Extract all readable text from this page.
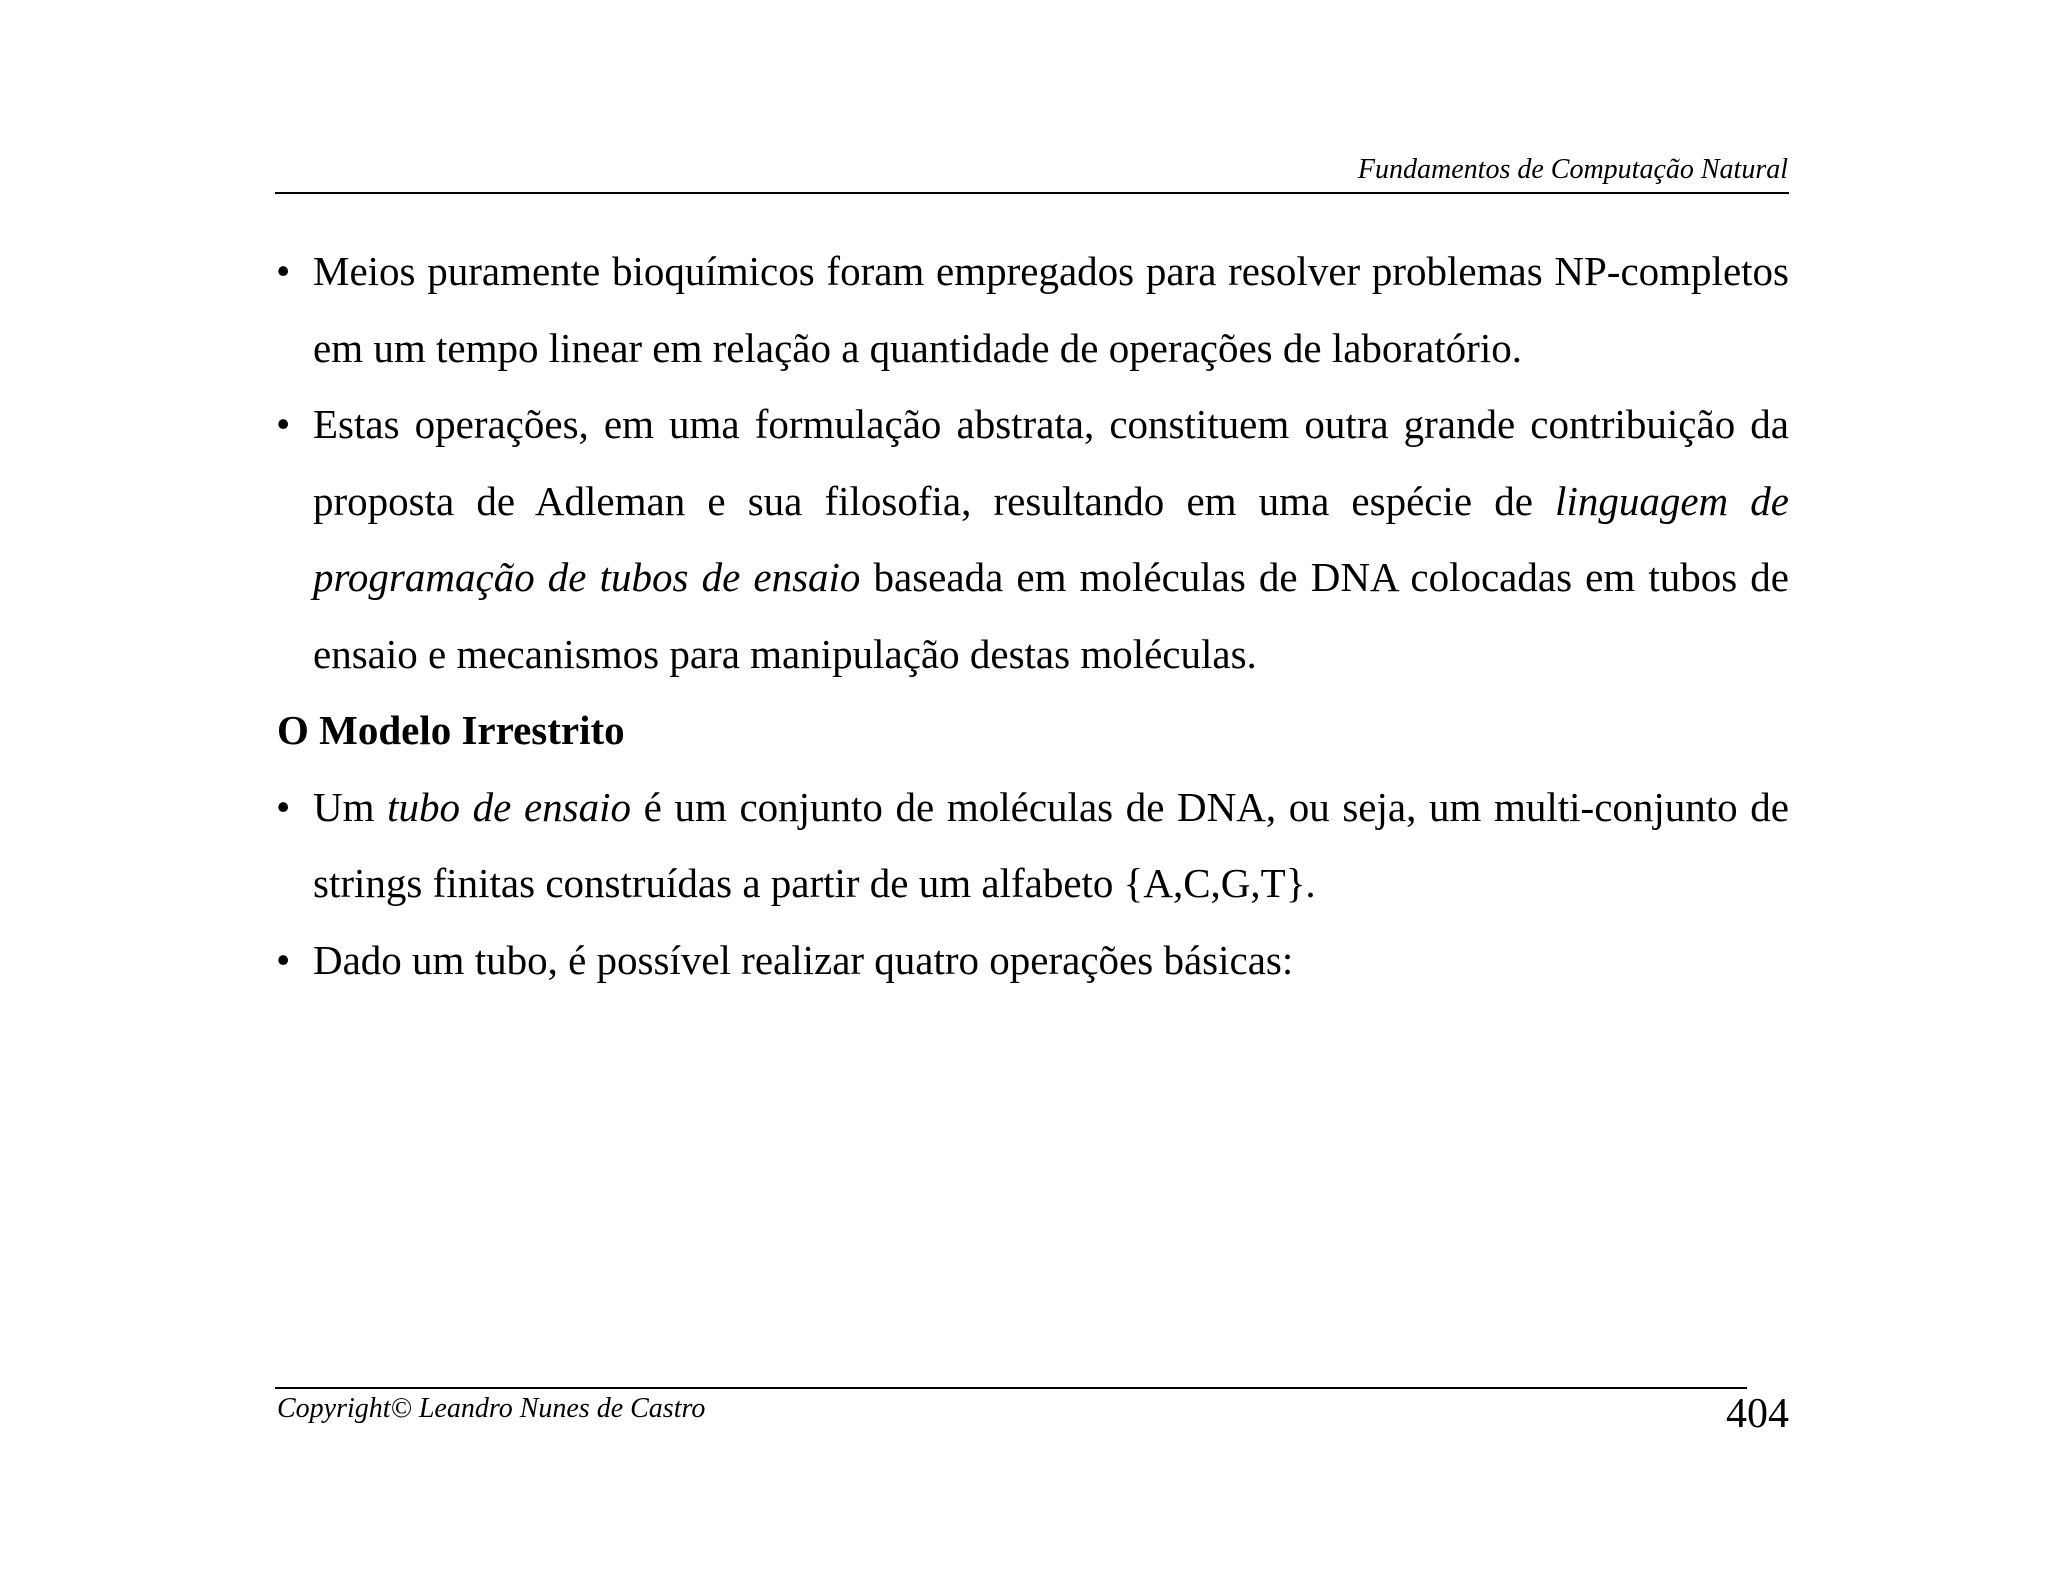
Fundamentos de Computação Natural

• Meios puramente bioquímicos foram empregados para resolver problemas NP-completos em um tempo linear em relação a quantidade de operações de laboratório.

• Estas operações, em uma formulação abstrata, constituem outra grande contribuição da proposta de Adleman e sua filosofia, resultando em uma espécie de linguagem de programação de tubos de ensaio baseada em moléculas de DNA colocadas em tubos de ensaio e mecanismos para manipulação destas moléculas.

O Modelo Irrestrito

• Um tubo de ensaio é um conjunto de moléculas de DNA, ou seja, um multi-conjunto de strings finitas construídas a partir de um alfabeto {A,C,G,T}.

• Dado um tubo, é possível realizar quatro operações básicas:

Copyright© Leandro Nunes de Castro	404
